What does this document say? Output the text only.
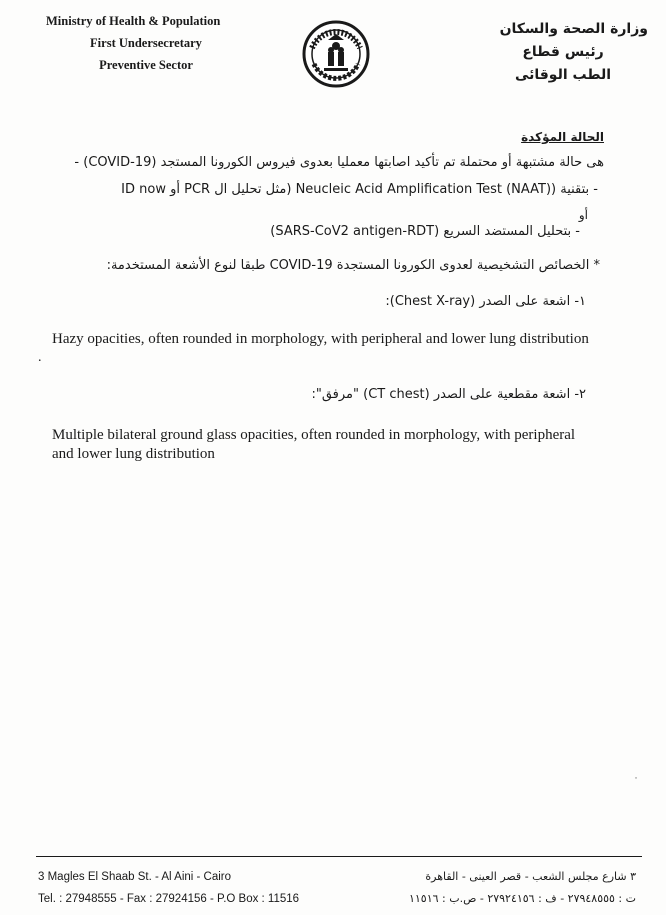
Ministry of Health & Population
First Undersecretary
Preventive Sector
وزارة الصحة والسكان
رئيس قطاع
الطب الوقائى
الحالة المؤكدة
هى حالة مشتبهة أو محتملة تم تأكيد اصابتها معمليا بعدوى فيروس الكورونا المستجد (COVID-19) -
- بتقنية (Neucleic Acid Amplification Test (NAAT) (مثل تحليل ال PCR أو ID now
أو
- بتحليل المستضد السريع (SARS-CoV2 antigen-RDT)
* الخصائص التشخيصية لعدوى الكورونا المستجدة COVID-19 طبقا لنوع الأشعة المستخدمة:
١- اشعة على الصدر (Chest X-ray):
.
Hazy opacities, often rounded in morphology, with peripheral and lower lung distribution
٢- اشعة مقطعية على الصدر (CT chest) "مرفق":
Multiple bilateral ground glass opacities, often rounded in morphology, with peripheral and lower lung distribution
˙
3 Magles El Shaab St. - Al Aini - Cairo
Tel. : 27948555 - Fax : 27924156 - P.O Box : 11516
٣ شارع مجلس الشعب - قصر العينى - القاهرة
ت : ٢٧٩٤٨٥٥٥ - ف : ٢٧٩٢٤١٥٦ - ص.ب : ١١٥١٦
